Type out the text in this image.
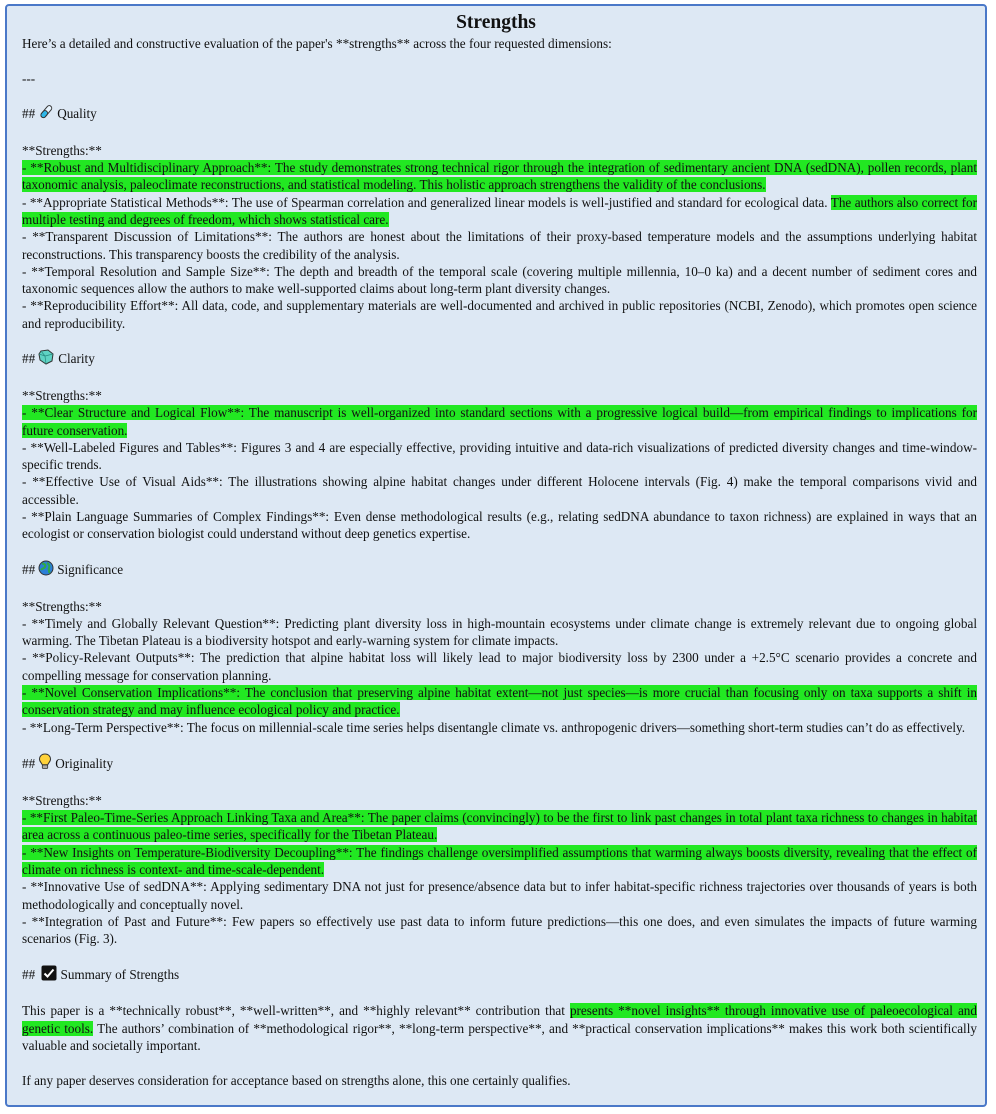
Strengths

Here’s a detailed and constructive evaluation of the paper's **strengths** across the four requested dimensions:

---

## Quality

**Strengths:**

- **Robust and Multidisciplinary Approach**: The study demonstrates strong technical rigor through the integration of sedimentary ancient DNA (sedDNA), pollen records, plant taxonomic analysis, paleoclimate reconstructions, and statistical modeling. This holistic approach strengthens the validity of the conclusions.

- **Appropriate Statistical Methods**: The use of Spearman correlation and generalized linear models is well-justified and standard for ecological data. The authors also correct for multiple testing and degrees of freedom, which shows statistical care.

- **Transparent Discussion of Limitations**: The authors are honest about the limitations of their proxy-based temperature models and the assumptions underlying habitat reconstructions. This transparency boosts the credibility of the analysis.

- **Temporal Resolution and Sample Size**: The depth and breadth of the temporal scale (covering multiple millennia, 10–0 ka) and a decent number of sediment cores and taxonomic sequences allow the authors to make well-supported claims about long-term plant diversity changes.

- **Reproducibility Effort**: All data, code, and supplementary materials are well-documented and archived in public repositories (NCBI, Zenodo), which promotes open science and reproducibility.

## Clarity

**Strengths:**

- **Clear Structure and Logical Flow**: The manuscript is well-organized into standard sections with a progressive logical build—from empirical findings to implications for future conservation.

- **Well-Labeled Figures and Tables**: Figures 3 and 4 are especially effective, providing intuitive and data-rich visualizations of predicted diversity changes and time-window-specific trends.

- **Effective Use of Visual Aids**: The illustrations showing alpine habitat changes under different Holocene intervals (Fig. 4) make the temporal comparisons vivid and accessible.

- **Plain Language Summaries of Complex Findings**: Even dense methodological results (e.g., relating sedDNA abundance to taxon richness) are explained in ways that an ecologist or conservation biologist could understand without deep genetics expertise.

## Significance

**Strengths:**

- **Timely and Globally Relevant Question**: Predicting plant diversity loss in high-mountain ecosystems under climate change is extremely relevant due to ongoing global warming. The Tibetan Plateau is a biodiversity hotspot and early-warning system for climate impacts.

- **Policy-Relevant Outputs**: The prediction that alpine habitat loss will likely lead to major biodiversity loss by 2300 under a +2.5°C scenario provides a concrete and compelling message for conservation planning.

- **Novel Conservation Implications**: The conclusion that preserving alpine habitat extent—not just species—is more crucial than focusing only on taxa supports a shift in conservation strategy and may influence ecological policy and practice.

- **Long-Term Perspective**: The focus on millennial-scale time series helps disentangle climate vs. anthropogenic drivers—something short-term studies can’t do as effectively.

## Originality

**Strengths:**

- **First Paleo-Time-Series Approach Linking Taxa and Area**: The paper claims (convincingly) to be the first to link past changes in total plant taxa richness to changes in habitat area across a continuous paleo-time series, specifically for the Tibetan Plateau.

- **New Insights on Temperature-Biodiversity Decoupling**: The findings challenge oversimplified assumptions that warming always boosts diversity, revealing that the effect of climate on richness is context- and time-scale-dependent.

- **Innovative Use of sedDNA**: Applying sedimentary DNA not just for presence/absence data but to infer habitat-specific richness trajectories over thousands of years is both methodologically and conceptually novel.

- **Integration of Past and Future**: Few papers so effectively use past data to inform future predictions—this one does, and even simulates the impacts of future warming scenarios (Fig. 3).

## Summary of Strengths

This paper is a **technically robust**, **well-written**, and **highly relevant** contribution that presents **novel insights** through innovative use of paleoecological and genetic tools. The authors’ combination of **methodological rigor**, **long-term perspective**, and **practical conservation implications** makes this work both scientifically valuable and societally important.

If any paper deserves consideration for acceptance based on strengths alone, this one certainly qualifies.
